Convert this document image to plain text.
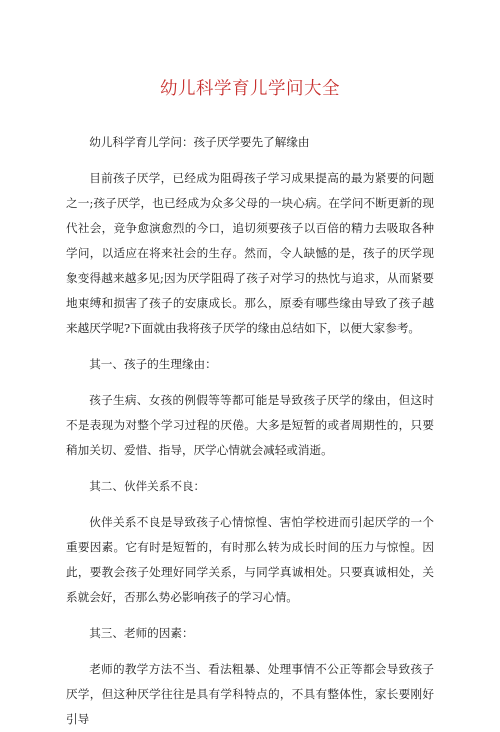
幼儿科学育儿学问大全

幼儿科学育儿学问：孩子厌学要先了解缘由

目前孩子厌学，已经成为阻碍孩子学习成果提高的最为紧要的问题之一;孩子厌学，也已经成为众多父母的一块心病。在学问不断更新的现代社会，竞争愈演愈烈的今口，追切须要孩子以百倍的精力去吸取各种学问，以适应在将来社会的生存。然而，令人缺憾的是，孩子的厌学现象变得越来越多见;因为厌学阻碍了孩子对学习的热忱与追求，从而紧要地束缚和损害了孩子的安康成长。那么，原委有哪些缘由导致了孩子越来越厌学呢?下面就由我将孩子厌学的缘由总结如下，以便大家参考。

其一、孩子的生理缘由：

孩子生病、女孩的例假等等都可能是导致孩子厌学的缘由，但这时不是表现为对整个学习过程的厌倦。大多是短暂的或者周期性的，只要稍加关切、爱惜、指导，厌学心情就会减轻或消逝。

其二、伙伴关系不良：

伙伴关系不良是导致孩子心情惊惶、害怕学校进而引起厌学的一个重要因素。它有时是短暂的，有时那么转为成长时间的压力与惊惶。因此，要教会孩子处理好同学关系，与同学真诚相处。只要真诚相处，关系就会好，否那么势必影响孩子的学习心情。

其三、老师的因素：

老师的教学方法不当、看法粗暴、处理事情不公正等都会导致孩子厌学，但这种厌学往往是具有学科特点的，不具有整体性，家长要刚好引导
